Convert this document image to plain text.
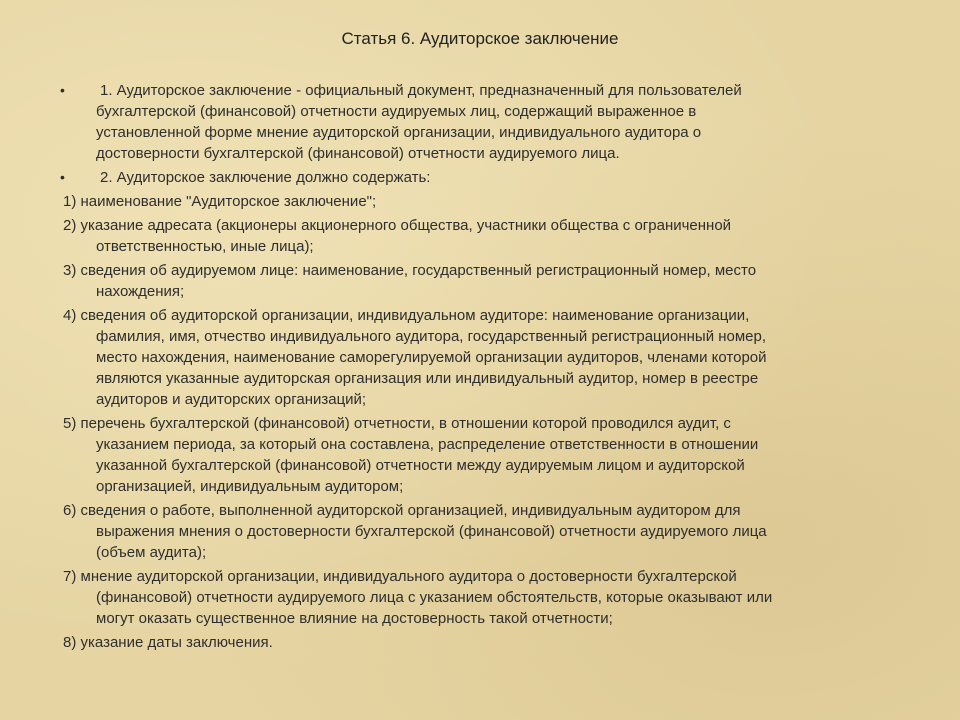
Статья 6. Аудиторское заключение
• 1. Аудиторское заключение - официальный документ, предназначенный для пользователей
бухгалтерской (финансовой) отчетности аудируемых лиц, содержащий выраженное в
установленной форме мнение аудиторской организации, индивидуального аудитора о
достоверности бухгалтерской (финансовой) отчетности аудируемого лица.
• 2. Аудиторское заключение должно содержать:
1) наименование "Аудиторское заключение";
2) указание адресата (акционеры акционерного общества, участники общества с ограниченной
ответственностью, иные лица);
3) сведения об аудируемом лице: наименование, государственный регистрационный номер, место
нахождения;
4) сведения об аудиторской организации, индивидуальном аудиторе: наименование организации,
фамилия, имя, отчество индивидуального аудитора, государственный регистрационный номер,
место нахождения, наименование саморегулируемой организации аудиторов, членами которой
являются указанные аудиторская организация или индивидуальный аудитор, номер в реестре
аудиторов и аудиторских организаций;
5) перечень бухгалтерской (финансовой) отчетности, в отношении которой проводился аудит, с
указанием периода, за который она составлена, распределение ответственности в отношении
указанной бухгалтерской (финансовой) отчетности между аудируемым лицом и аудиторской
организацией, индивидуальным аудитором;
6) сведения о работе, выполненной аудиторской организацией, индивидуальным аудитором для
выражения мнения о достоверности бухгалтерской (финансовой) отчетности аудируемого лица
(объем аудита);
7) мнение аудиторской организации, индивидуального аудитора о достоверности бухгалтерской
(финансовой) отчетности аудируемого лица с указанием обстоятельств, которые оказывают или
могут оказать существенное влияние на достоверность такой отчетности;
8) указание даты заключения.
